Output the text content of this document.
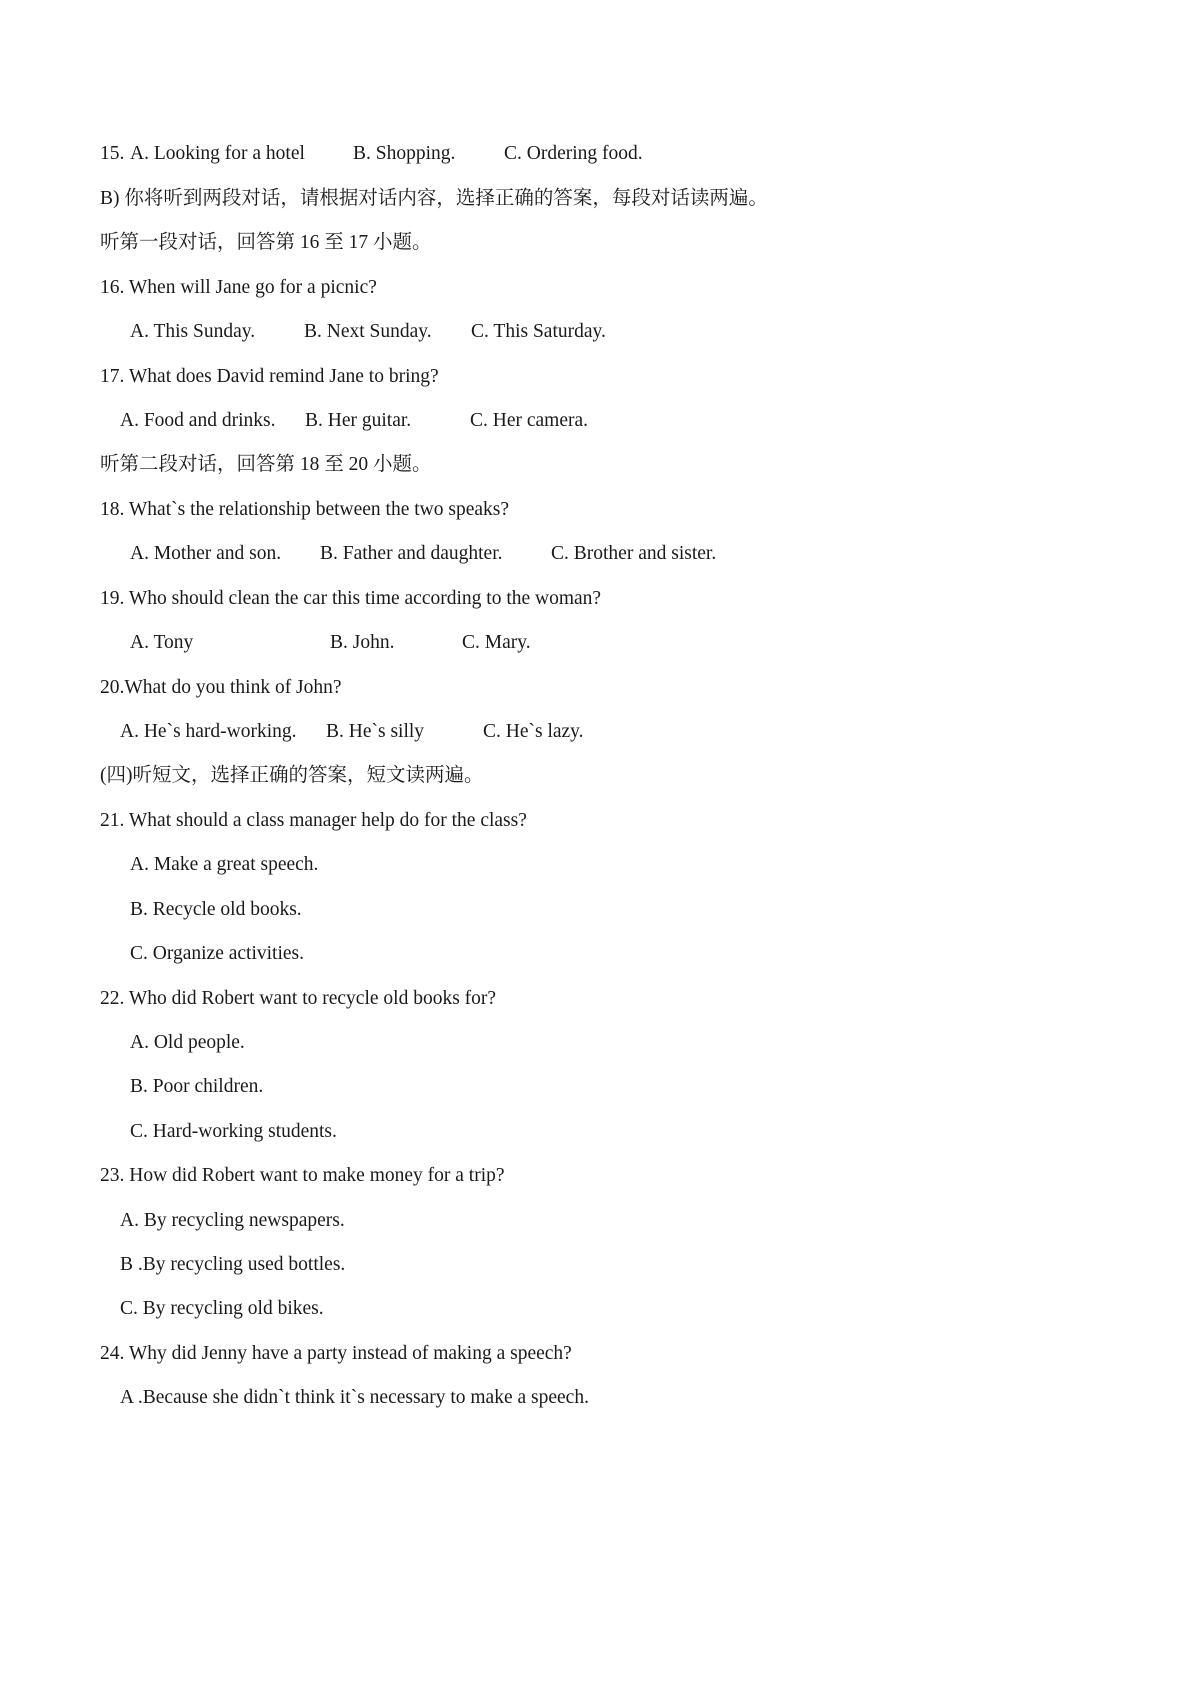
15. A. Looking for a hotel B. Shopping. C. Ordering food.
B) 你将听到两段对话，请根据对话内容，选择正确的答案，每段对话读两遍。
听第一段对话，回答第 16 至 17 小题。
16. When will Jane go for a picnic?
A. This Sunday.	B. Next Sunday. C. This Saturday.
17. What does David remind Jane to bring?
A. Food and drinks. B. Her guitar.	C. Her camera.
听第二段对话，回答第 18 至 20 小题。
18. What`s the relationship between the two speaks?
A. Mother and son. B. Father and daughter. C. Brother and sister.
19. Who should clean the car this time according to the woman?
A. Tony	B. John.	C. Mary.
20.What do you think of John?
A. He`s hard-working. B. He`s silly	C. He`s lazy.
(四)听短文，选择正确的答案，短文读两遍。
21. What should a class manager help do for the class?
A. Make a great speech.
B. Recycle old books.
C. Organize activities.
22. Who did Robert want to recycle old books for?
A. Old people.
B. Poor children.
C. Hard-working students.
23. How did Robert want to make money for a trip?
A. By recycling newspapers.
B .By recycling used bottles.
C. By recycling old bikes.
24. Why did Jenny have a party instead of making a speech?
A .Because she didn`t think it`s necessary to make a speech.
